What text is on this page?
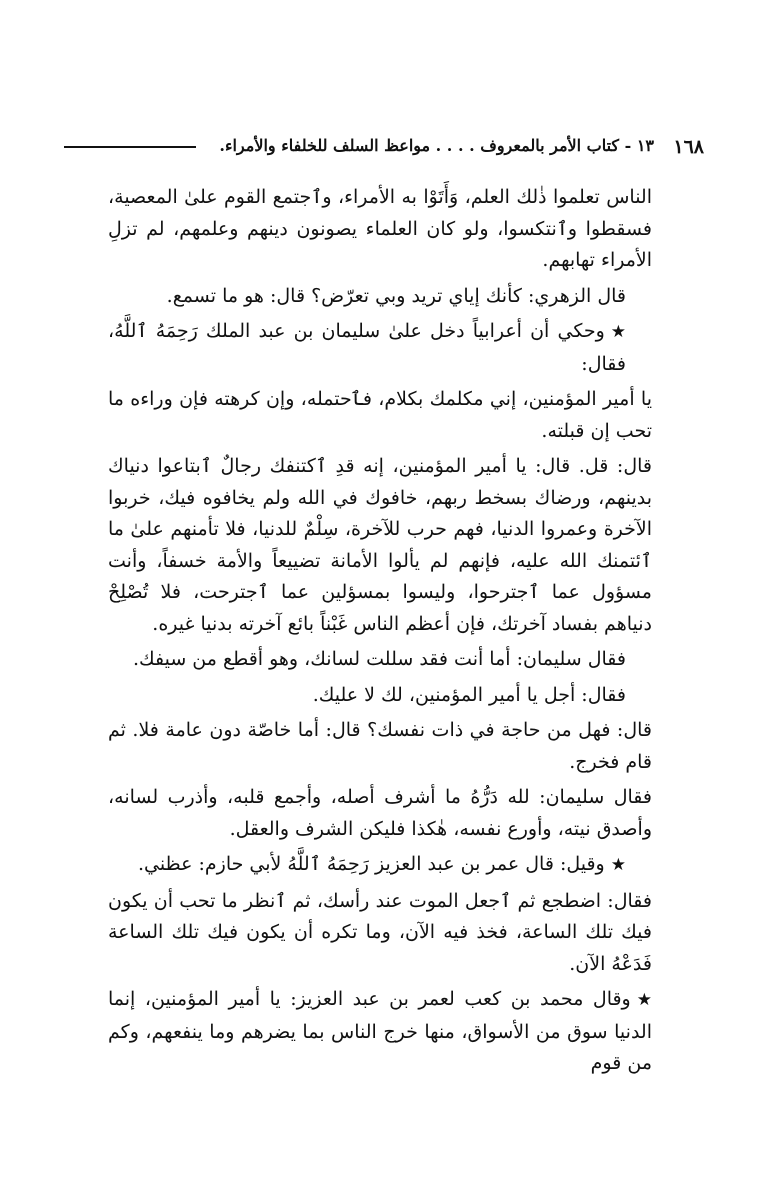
١٦٨
١٣ - كتاب الأمر بالمعروف . . . . مواعظ السلف للخلفاء والأمراء.

الناس تعلموا ذٰلك العلم، وَأَتَوْا به الأمراء، وٱجتمع القوم علىٰ المعصية، فسقطوا وٱنتكسوا، ولو كان العلماء يصونون دينهم وعلمهم، لم تزلِ الأمراء تهابهم.

قال الزهري: كأنك إياي تريد وبي تعرّض؟ قال: هو ما تسمع.

★وحكي أن أعرابياً دخل علىٰ سليمان بن عبد الملك رَحِمَهُ ٱللَّهُ، فقال:

يا أمير المؤمنين، إني مكلمك بكلام، فٱحتمله، وإن كرهته فإن وراءه ما تحب إن قبلته.

قال: قل. قال: يا أمير المؤمنين، إنه قدِ ٱكتنفك رجالٌ ٱبتاعوا دنياك بدينهم، ورضاك بسخط ربهم، خافوك في الله ولم يخافوه فيك، خربوا الآخرة وعمروا الدنيا، فهم حرب للآخرة، سِلْمٌ للدنيا، فلا تأمنهم علىٰ ما ٱئتمنك الله عليه، فإنهم لم يألوا الأمانة تضييعاً والأمة خسفاً، وأنت مسؤول عما ٱجترحوا، وليسوا بمسؤلين عما ٱجترحت، فلا تُصْلِحْ دنياهم بفساد آخرتك، فإن أعظم الناس غَبْناً بائع آخرته بدنيا غيره.

فقال سليمان: أما أنت فقد سللت لسانك، وهو أقطع من سيفك.

فقال: أجل يا أمير المؤمنين، لك لا عليك.

قال: فهل من حاجة في ذات نفسك؟ قال: أما خاصّة دون عامة فلا. ثم قام فخرج.

فقال سليمان: لله دَرُّهُ ما أشرف أصله، وأجمع قلبه، وأذرب لسانه، وأصدق نيته، وأورع نفسه، هٰكذا فليكن الشرف والعقل.

★وقيل: قال عمر بن عبد العزيز رَحِمَهُ ٱللَّهُ لأبي حازم: عظني.

فقال: اضطجع ثم ٱجعل الموت عند رأسك، ثم ٱنظر ما تحب أن يكون فيك تلك الساعة، فخذ فيه الآن، وما تكره أن يكون فيك تلك الساعة فَدَعْهُ الآن.

★وقال محمد بن كعب لعمر بن عبد العزيز: يا أمير المؤمنين، إنما الدنيا سوق من الأسواق، منها خرج الناس بما يضرهم وما ينفعهم، وكم من قوم
